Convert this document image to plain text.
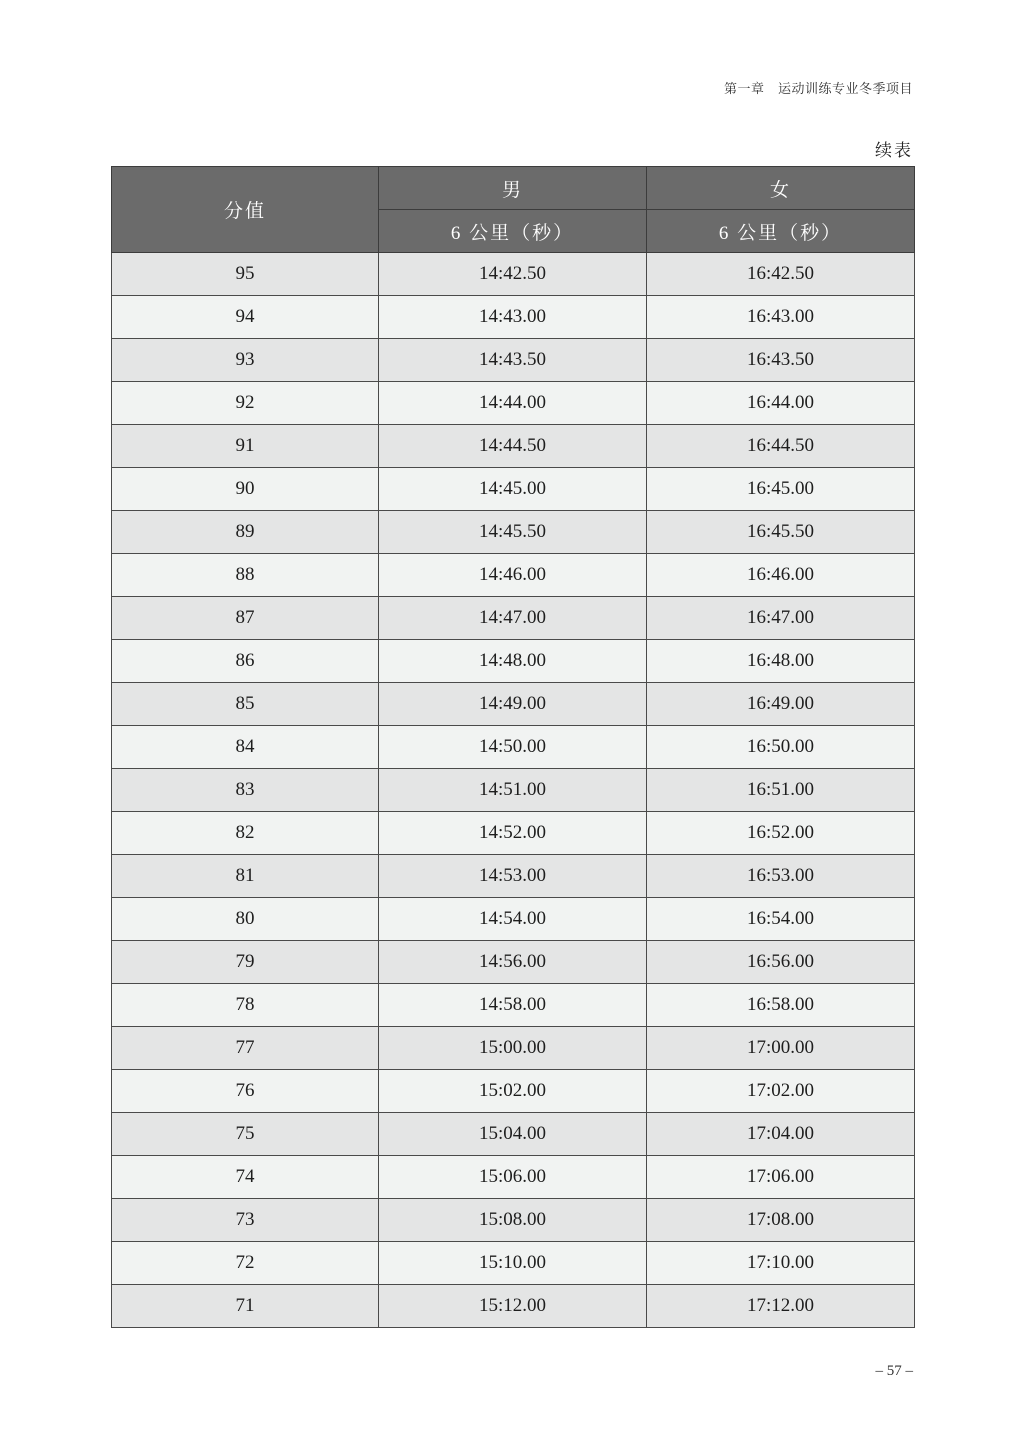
第一章　运动训练专业冬季项目
续表
分值	男	女
	6 公里（秒）	6 公里（秒）
95	14:42.50	16:42.50
94	14:43.00	16:43.00
93	14:43.50	16:43.50
92	14:44.00	16:44.00
91	14:44.50	16:44.50
90	14:45.00	16:45.00
89	14:45.50	16:45.50
88	14:46.00	16:46.00
87	14:47.00	16:47.00
86	14:48.00	16:48.00
85	14:49.00	16:49.00
84	14:50.00	16:50.00
83	14:51.00	16:51.00
82	14:52.00	16:52.00
81	14:53.00	16:53.00
80	14:54.00	16:54.00
79	14:56.00	16:56.00
78	14:58.00	16:58.00
77	15:00.00	17:00.00
76	15:02.00	17:02.00
75	15:04.00	17:04.00
74	15:06.00	17:06.00
73	15:08.00	17:08.00
72	15:10.00	17:10.00
71	15:12.00	17:12.00
– 57 –
